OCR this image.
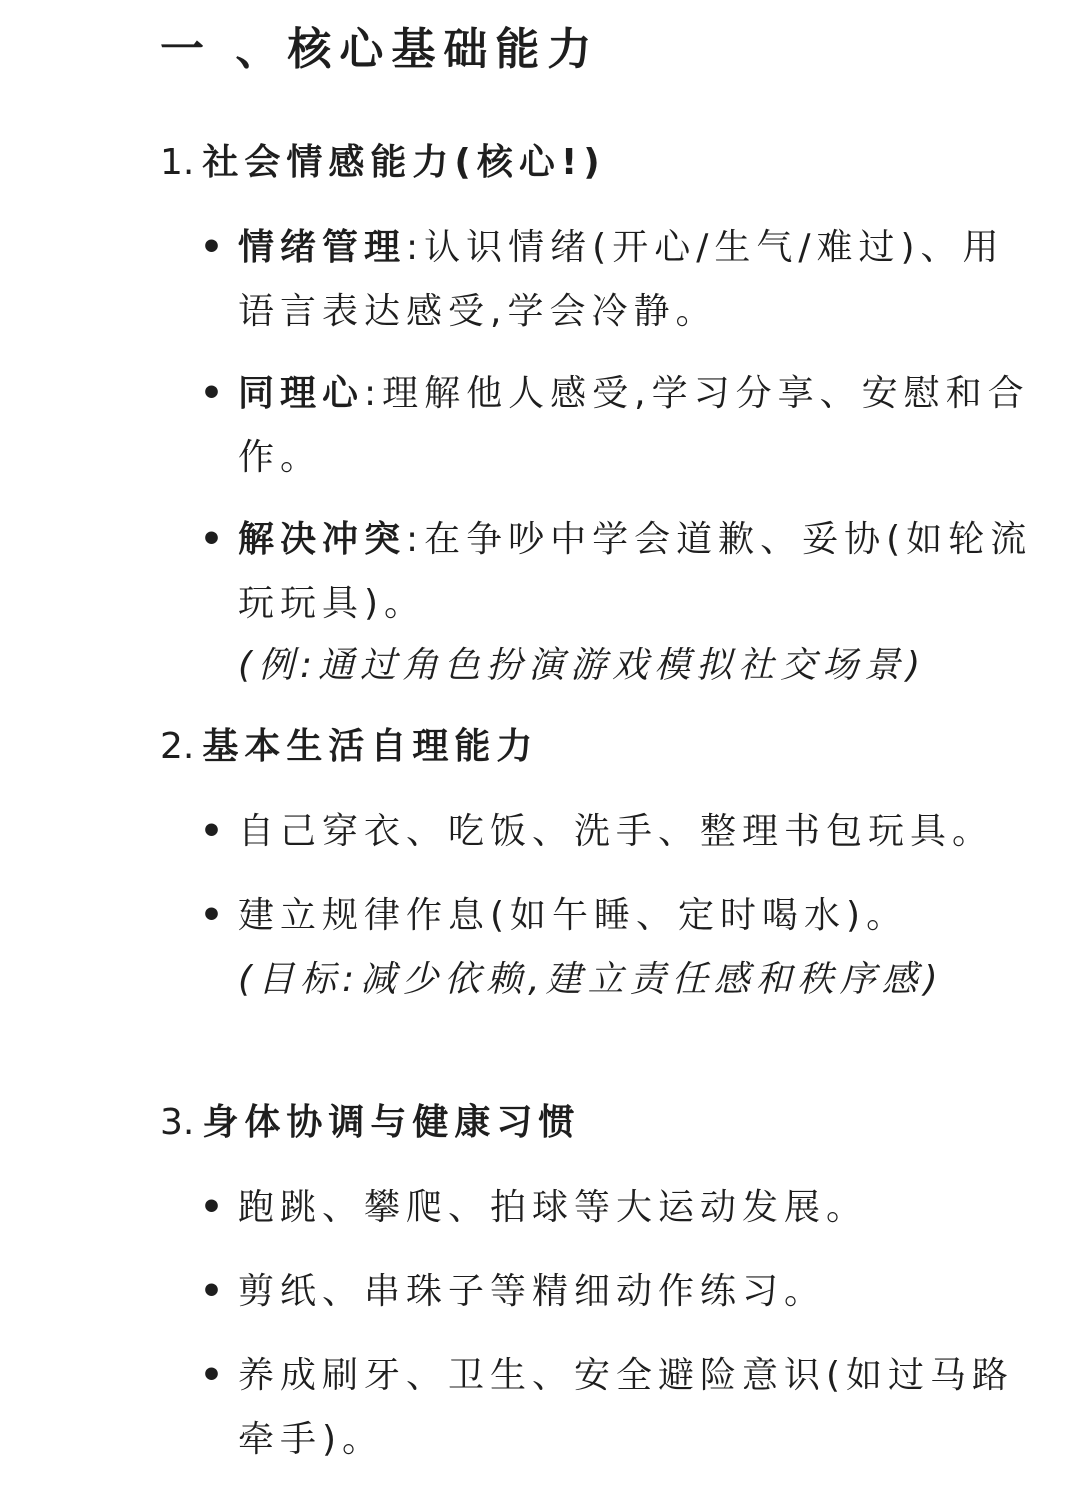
一 、核心基础能力
1. 社会情感能力(核心!)
• 情绪管理:认识情绪(开心/生气/难过)、用语言表达感受,学会冷静。
• 同理心:理解他人感受,学习分享、安慰和合作。
• 解决冲突:在争吵中学会道歉、妥协(如轮流玩玩具)。
(例:通过角色扮演游戏模拟社交场景)
2. 基本生活自理能力
• 自己穿衣、吃饭、洗手、整理书包玩具。
• 建立规律作息(如午睡、定时喝水)。
(目标:减少依赖,建立责任感和秩序感)
3. 身体协调与健康习惯
• 跑跳、攀爬、拍球等大运动发展。
• 剪纸、串珠子等精细动作练习。
• 养成刷牙、卫生、安全避险意识(如过马路牵手)。
